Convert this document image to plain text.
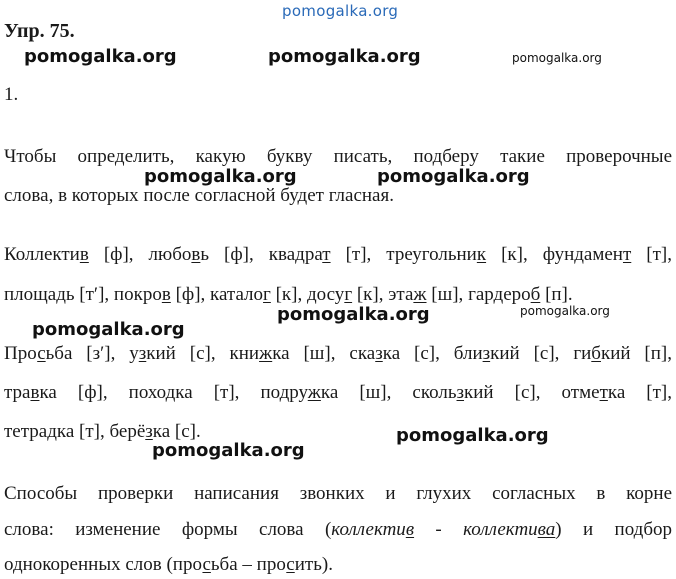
pomogalka.org
pomogalka.org	pomogalka.org	pomogalka.org
Упр. 75.
1.
Чтобы определить, какую букву писать, подберу такие проверочные
слова, в которых после согласной будет гласная.
pomogalka.org	pomogalka.org
Коллектив [ф], любовь [ф], квадрат [т], треугольник [к], фундамент [т],
площадь [т′], покров [ф], каталог [к], досуг [к], этаж [ш], гардероб [п].
pomogalka.org
pomogalka.org	pomogalka.org
Просьба [з′], узкий [с], книжка [ш], сказка [с], близкий [с], гибкий [п],
травка [ф], походка [т], подружка [ш], скользкий [с], отметка [т],
тетрадка [т], берёзка [с].	pomogalka.org
pomogalka.org
Способы проверки написания звонких и глухих согласных в корне
слова: изменение формы слова (коллектив - коллектива) и подбор
однокоренных слов (просьба – просить).
